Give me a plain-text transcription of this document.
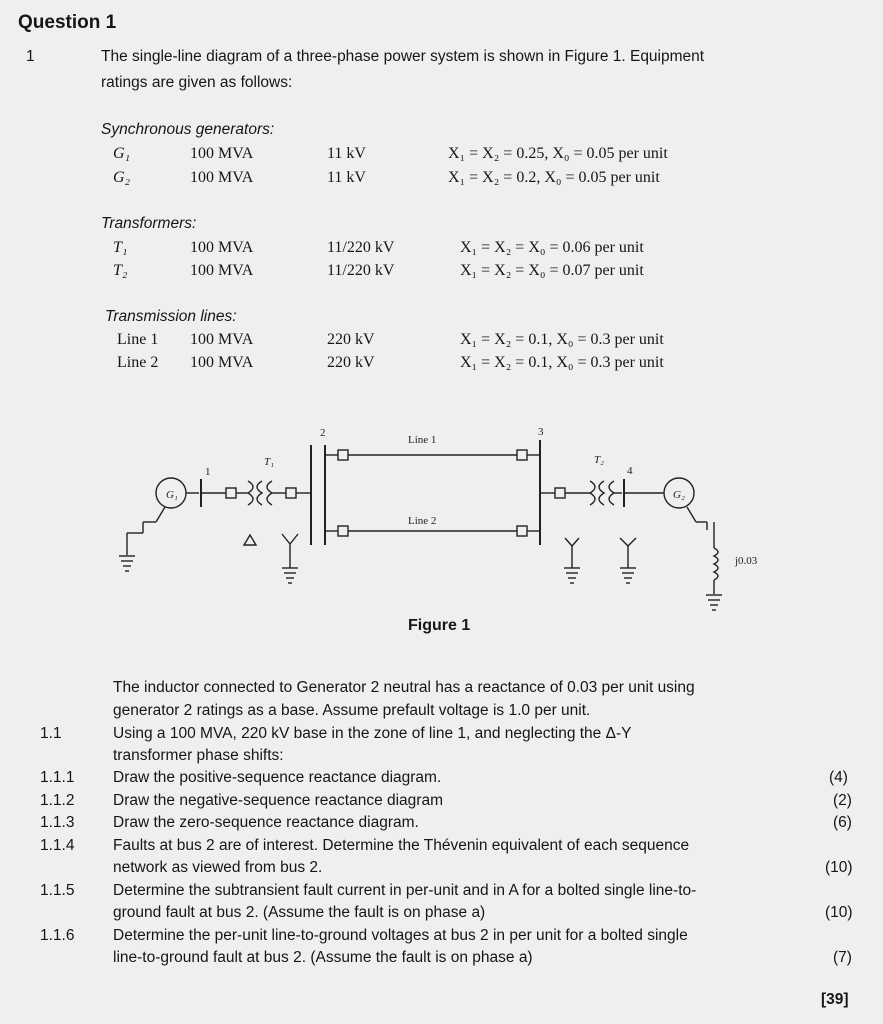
Question 1
1	The single-line diagram of a three-phase power system is shown in Figure 1. Equipment
ratings are given as follows:
Synchronous generators:
G₁	100 MVA	11 kV	X₁ = X₂ = 0.25, X₀ = 0.05 per unit
G₂	100 MVA	11 kV	X₁ = X₂ = 0.2, X₀ = 0.05 per unit
Transformers:
T₁	100 MVA	11/220 kV	X₁ = X₂ = X₀ = 0.06 per unit
T₂	100 MVA	11/220 kV	X₁ = X₂ = X₀ = 0.07 per unit
Transmission lines:
Line 1 100 MVA	220 kV	X₁ = X₂ = 0.1, X₀ = 0.3 per unit
Line 2 100 MVA	220 kV	X₁ = X₂ = 0.1, X₀ = 0.3 per unit
G₁
1
T₁
2
Line 1
Line 2
3
T₂
4
G₂
j0.03
Figure 1
The inductor connected to Generator 2 neutral has a reactance of 0.03 per unit using
generator 2 ratings as a base. Assume prefault voltage is 1.0 per unit.
1.1	Using a 100 MVA, 220 kV base in the zone of line 1, and neglecting the Δ-Y
transformer phase shifts:
1.1.1 Draw the positive-sequence reactance diagram.	(4)
1.1.2 Draw the negative-sequence reactance diagram	(2)
1.1.3 Draw the zero-sequence reactance diagram.	(6)
1.1.4 Faults at bus 2 are of interest. Determine the Thévenin equivalent of each sequence
network as viewed from bus 2.	(10)
1.1.5 Determine the subtransient fault current in per-unit and in A for a bolted single line-to-
ground fault at bus 2. (Assume the fault is on phase a)	(10)
1.1.6 Determine the per-unit line-to-ground voltages at bus 2 in per unit for a bolted single
line-to-ground fault at bus 2. (Assume the fault is on phase a)	(7)
[39]
